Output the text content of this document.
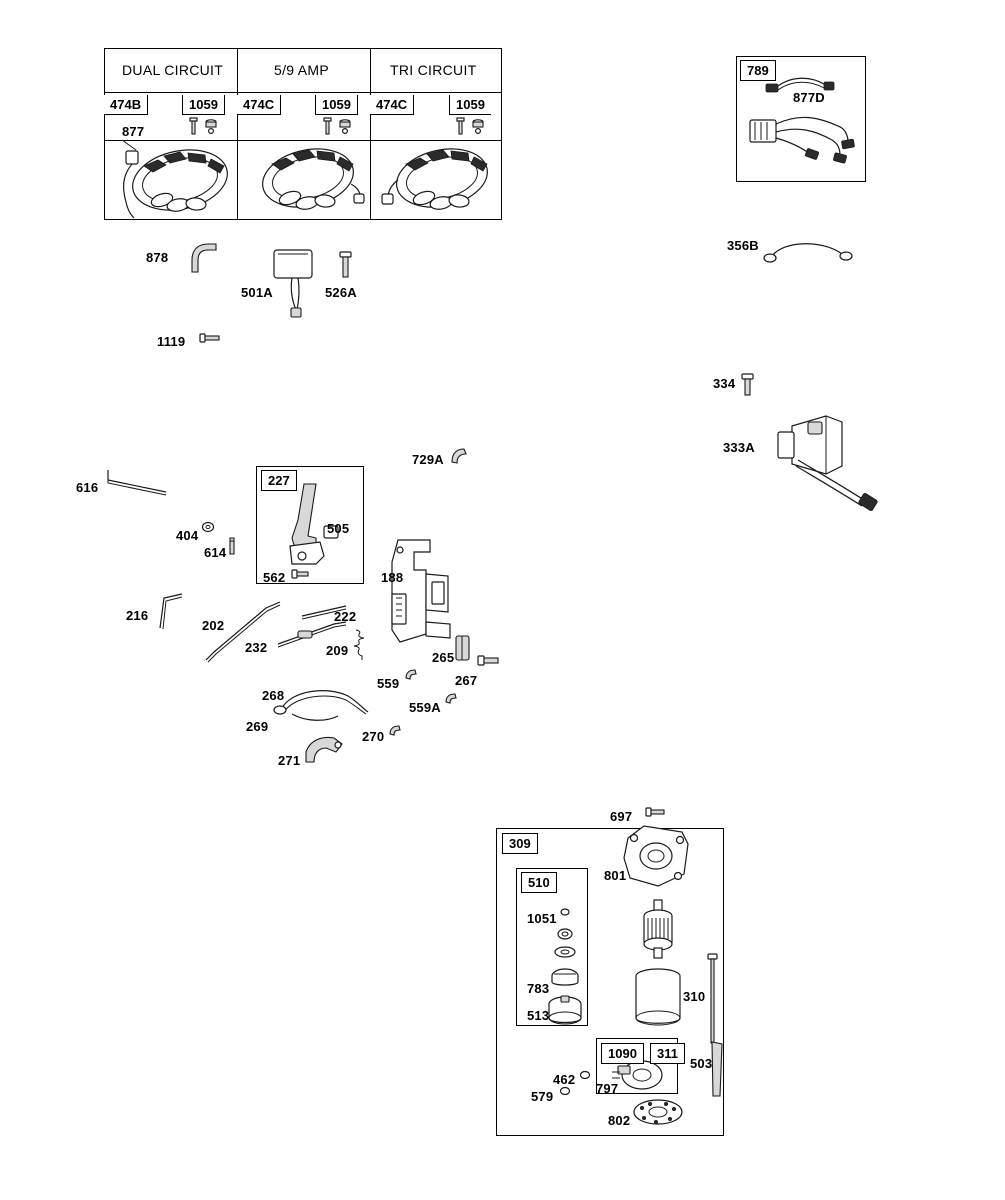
DUAL CIRCUIT	5/9 AMP	TRI CIRCUIT
474B	1059	474C	1059	474C	1059
877
878
1119
501A	526A
789
877D
356B
334
333A
616
404
614
227
505
562
729A
188
216
202
232
222
209	265
267
559
559A
268
269
270
271
697
309
801
510
1051
783
513
310
1090	311
503
797
462
579
802
